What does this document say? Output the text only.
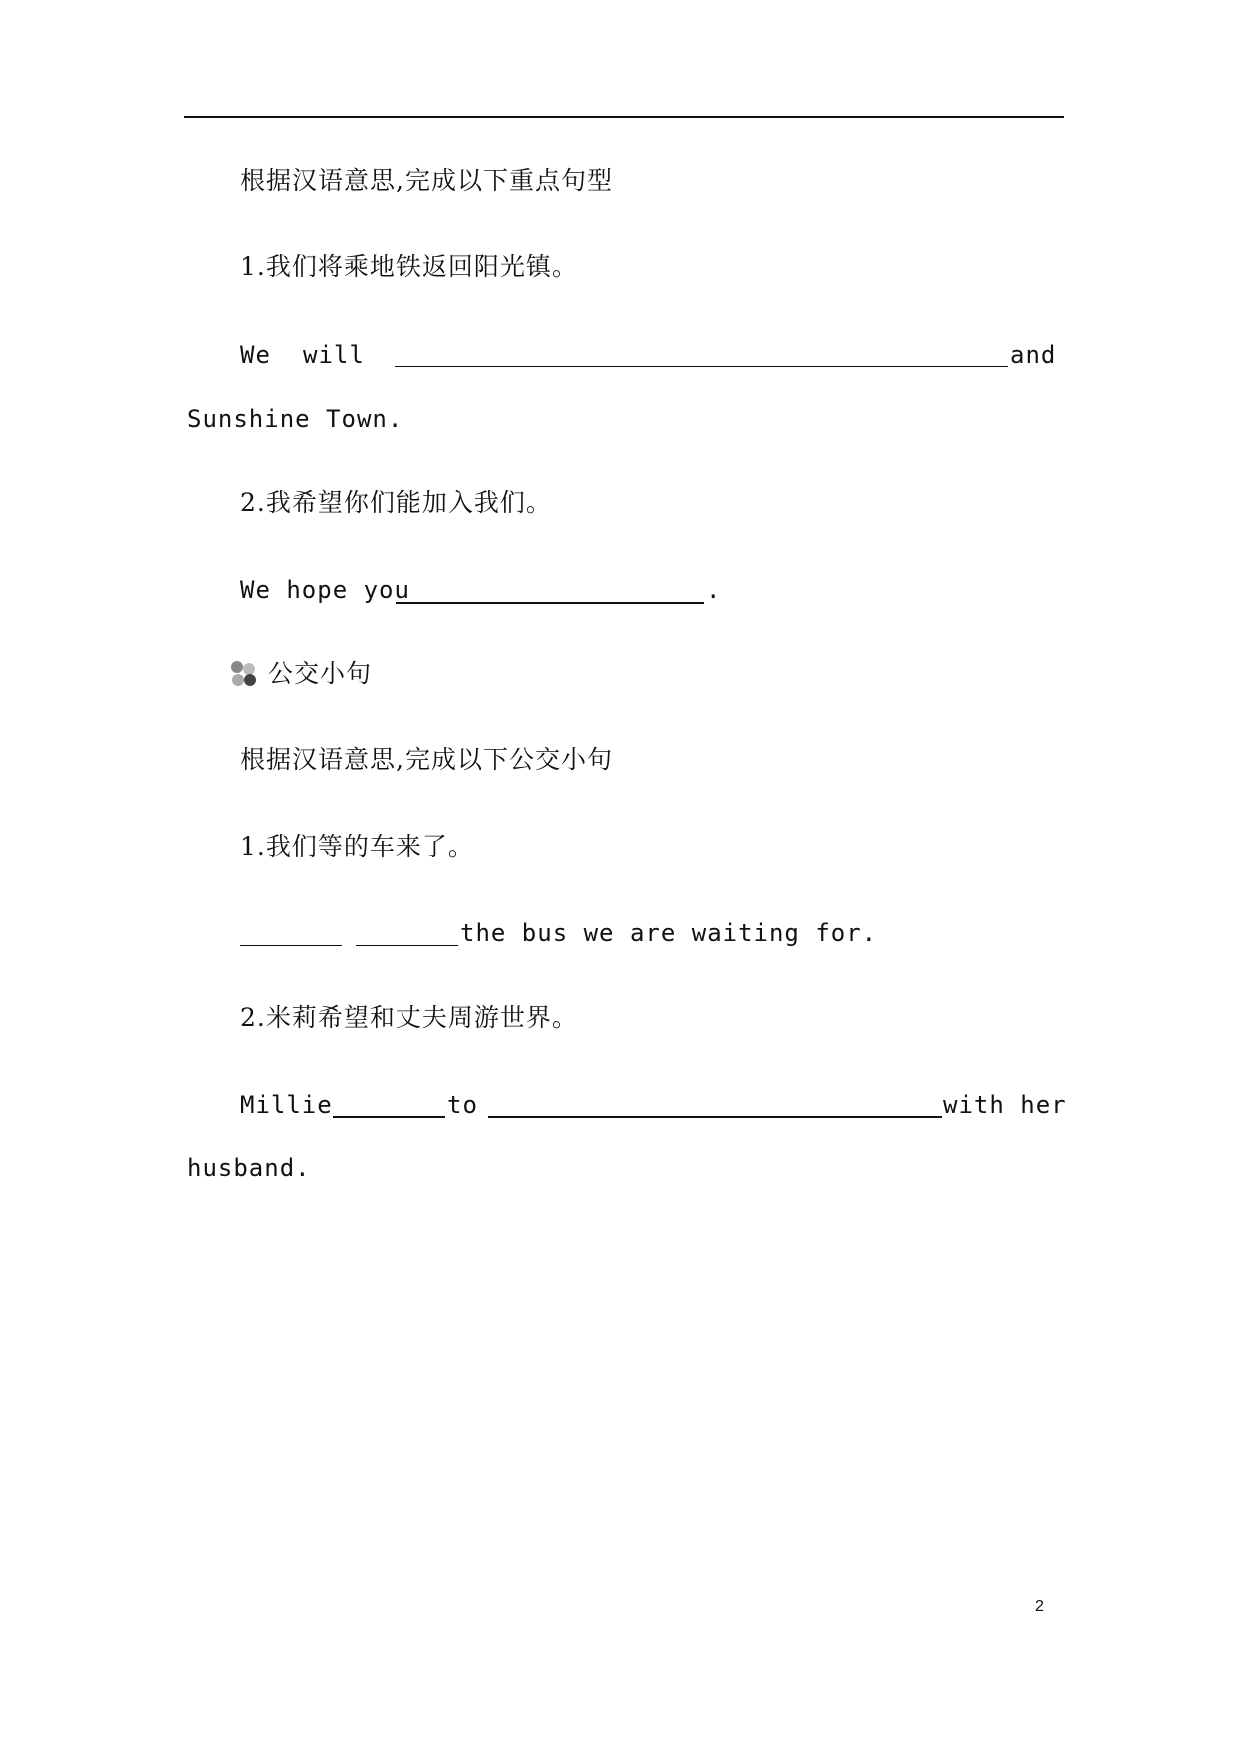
根据汉语意思,完成以下重点句型
1.我们将乘地铁返回阳光镇。
We will	and
Sunshine Town.
2.我希望你们能加入我们。
We hope you	.
公交小句
根据汉语意思,完成以下公交小句
1.我们等的车来了。
the bus we are waiting for.
2.米莉希望和丈夫周游世界。
Millie	to	with her
husband.
2
